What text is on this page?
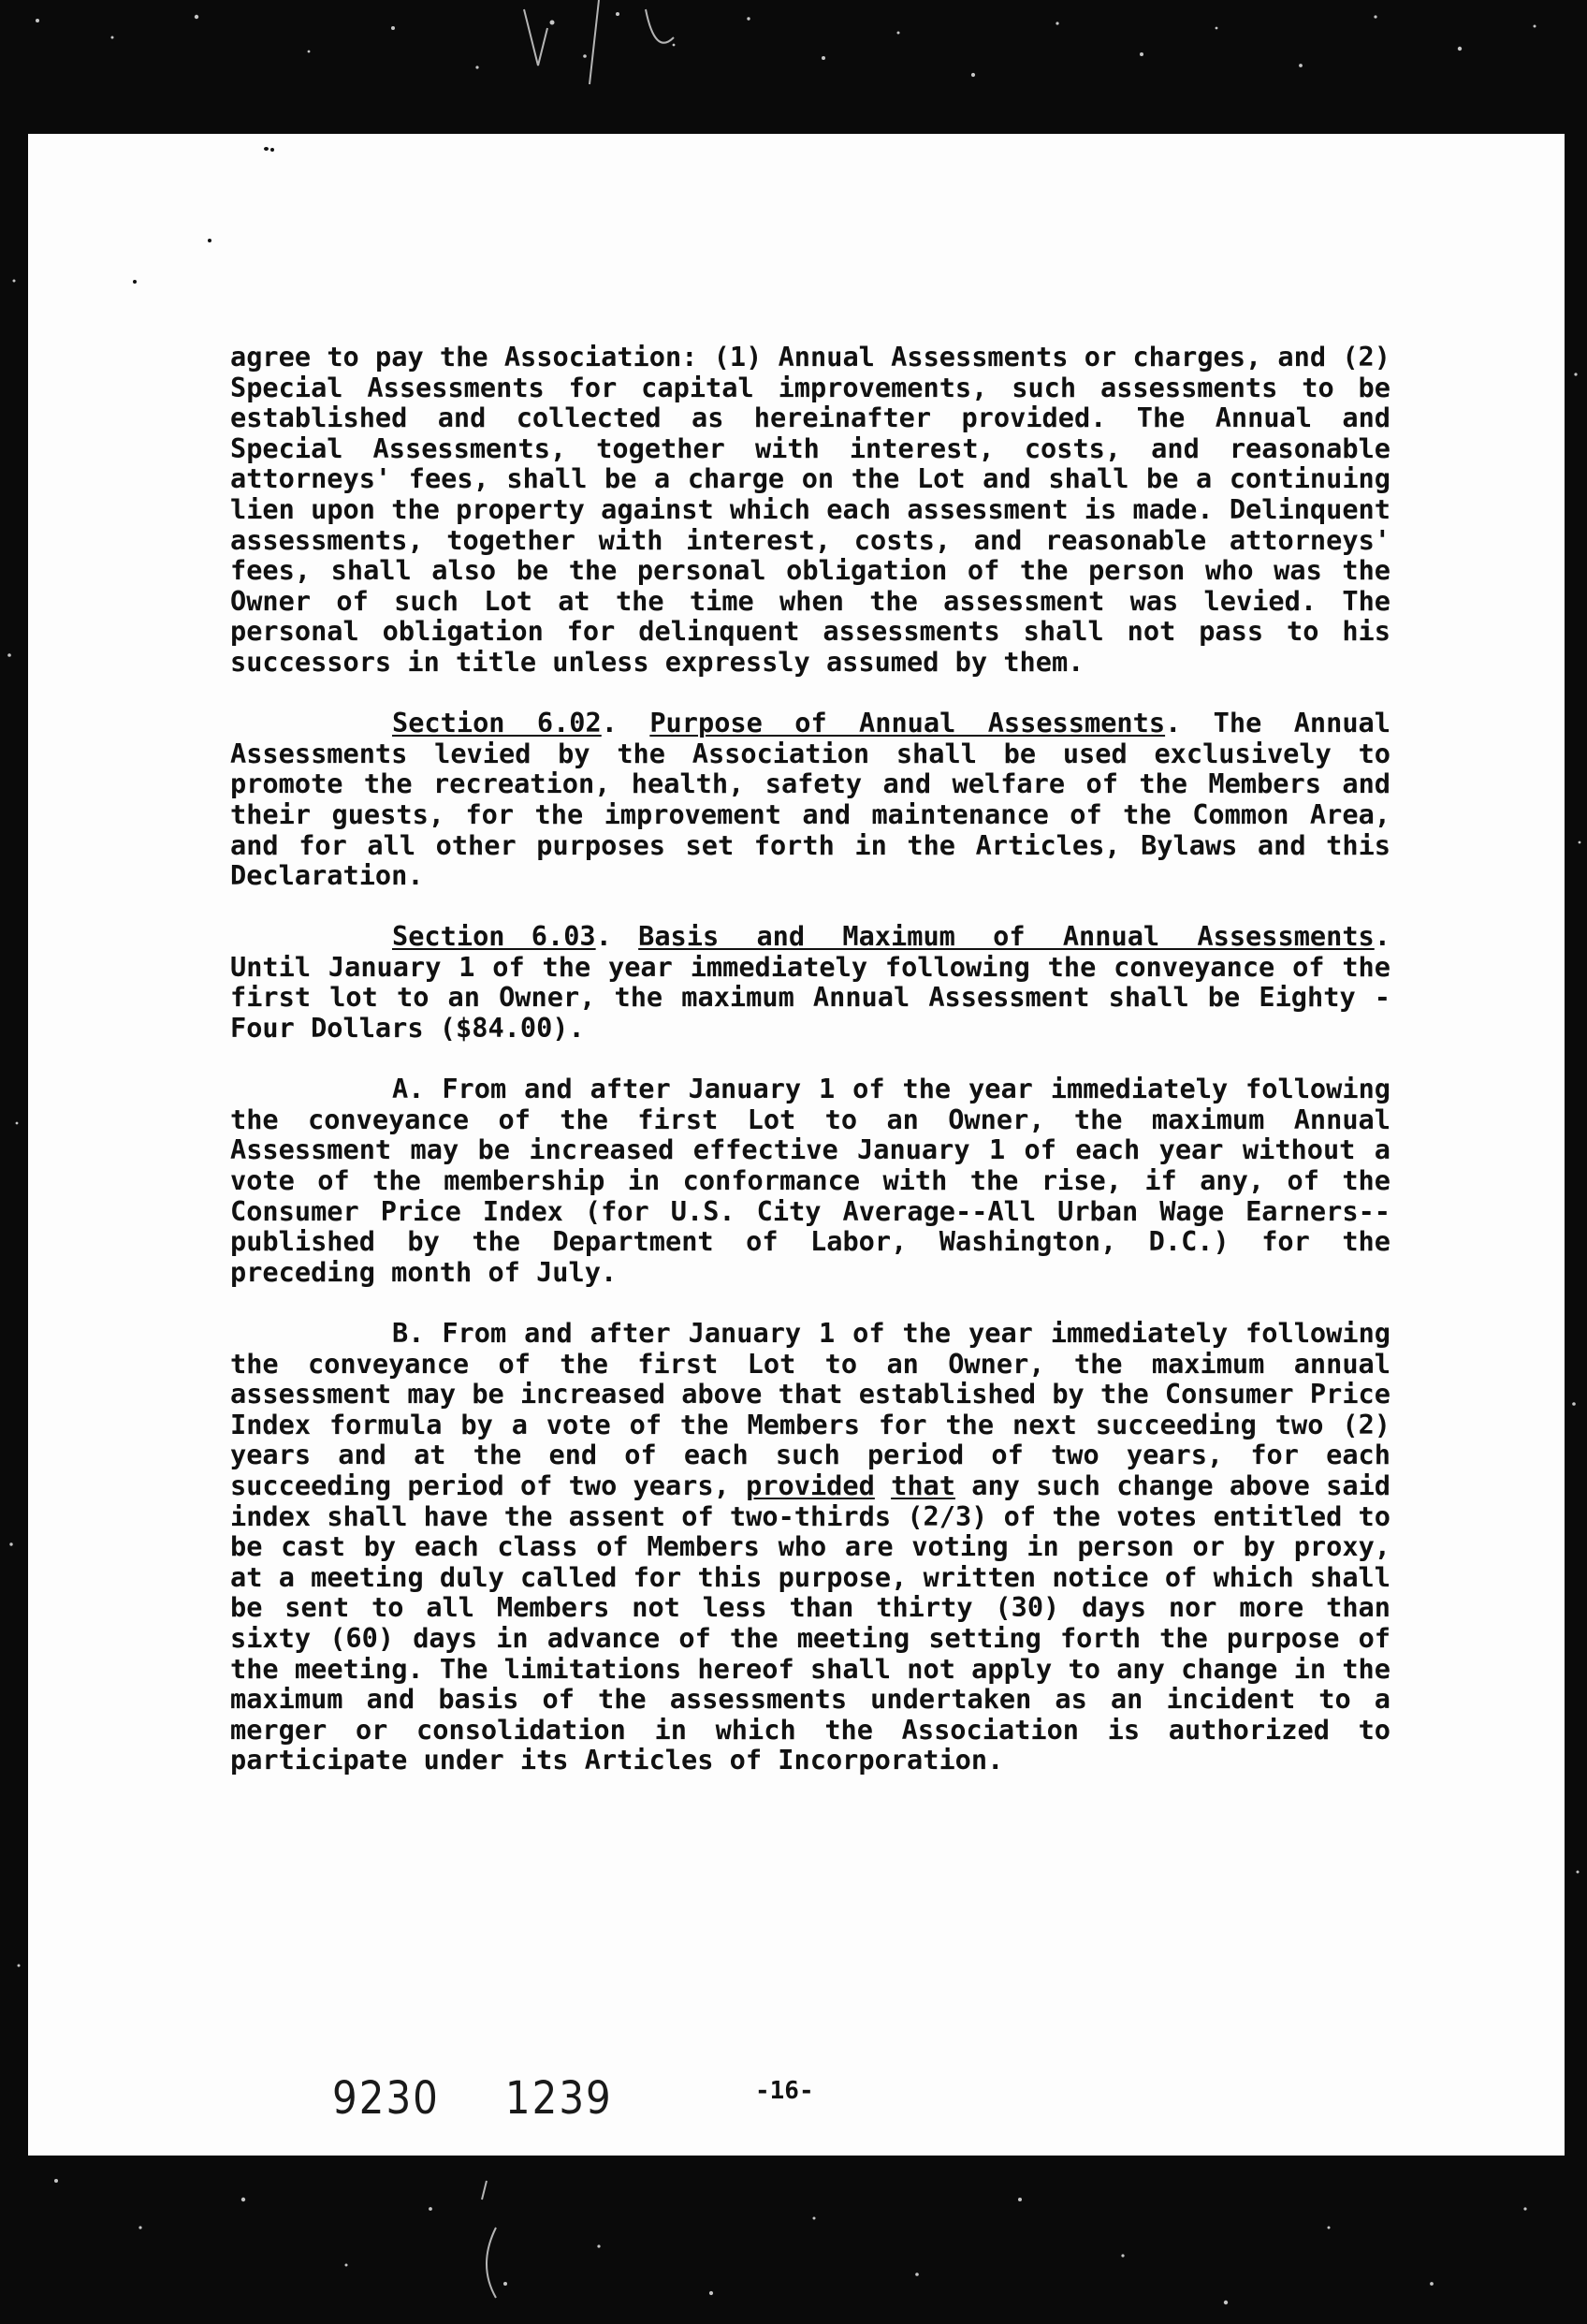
agree to pay the Association: (1) Annual Assessments or charges, and (2) Special Assessments for capital improvements, such assessments to be established and collected as hereinafter provided. The Annual and Special Assessments, together with interest, costs, and reasonable attorneys' fees, shall be a charge on the Lot and shall be a continuing lien upon the property against which each assessment is made. Delinquent assessments, together with interest, costs, and reasonable attorneys' fees, shall also be the personal obligation of the person who was the Owner of such Lot at the time when the assessment was levied. The personal obligation for delinquent assessments shall not pass to his successors in title unless expressly assumed by them.

Section 6.02. Purpose of Annual Assessments. The Annual Assessments levied by the Association shall be used exclusively to promote the recreation, health, safety and welfare of the Members and their guests, for the improvement and maintenance of the Common Area, and for all other purposes set forth in the Articles, Bylaws and this Declaration.

Section 6.03. Basis and Maximum of Annual Assessments. Until January 1 of the year immediately following the conveyance of the first lot to an Owner, the maximum Annual Assessment shall be Eighty - Four Dollars ($84.00).

A. From and after January 1 of the year immediately following the conveyance of the first Lot to an Owner, the maximum Annual Assessment may be increased effective January 1 of each year without a vote of the membership in conformance with the rise, if any, of the Consumer Price Index (for U.S. City Average--All Urban Wage Earners--published by the Department of Labor, Washington, D.C.) for the preceding month of July.

B. From and after January 1 of the year immediately following the conveyance of the first Lot to an Owner, the maximum annual assessment may be increased above that established by the Consumer Price Index formula by a vote of the Members for the next succeeding two (2) years and at the end of each such period of two years, for each succeeding period of two years, provided that any such change above said index shall have the assent of two-thirds (2/3) of the votes entitled to be cast by each class of Members who are voting in person or by proxy, at a meeting duly called for this purpose, written notice of which shall be sent to all Members not less than thirty (30) days nor more than sixty (60) days in advance of the meeting setting forth the purpose of the meeting. The limitations hereof shall not apply to any change in the maximum and basis of the assessments undertaken as an incident to a merger or consolidation in which the Association is authorized to participate under its Articles of Incorporation.

9230 1239	-16-
